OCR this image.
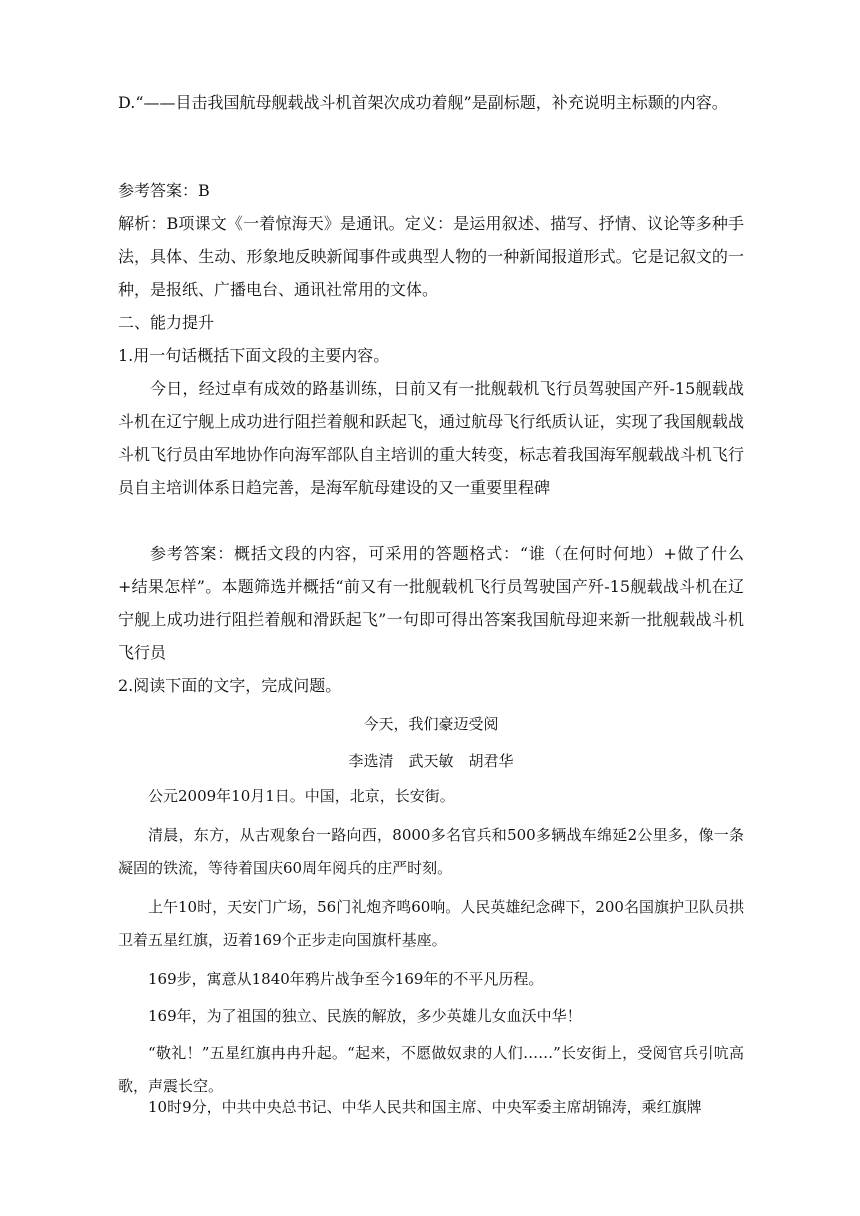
D.“——目击我国航母舰载战斗机首架次成功着舰”是副标题，补充说明主标颞的内容。

参考答案：B

解析：B项课文《一着惊海天》是通讯。定义：是运用叙述、描写、抒情、议论等多种手法，具体、生动、形象地反映新闻事件或典型人物的一种新闻报道形式。它是记叙文的一种，是报纸、广播电台、通讯社常用的文体。

二、能力提升

1.用一句话概括下面文段的主要内容。

今日，经过卓有成效的路基训练，日前又有一批舰载机飞行员驾驶国产歼-15舰载战斗机在辽宁舰上成功进行阻拦着舰和跃起飞，通过航母飞行纸质认证，实现了我国舰载战斗机飞行员由军地协作向海军部队自主培训的重大转变，标志着我国海军舰载战斗机飞行员自主培训体系日趋完善，是海军航母建设的又一重要里程碑

参考答案：概括文段的内容，可采用的答题格式：“谁（在何时何地）+做了什么+结果怎样”。本题筛选并概括“前又有一批舰载机飞行员驾驶国产歼-15舰载战斗机在辽宁舰上成功进行阻拦着舰和滑跃起飞”一句即可得出答案我国航母迎来新一批舰载战斗机飞行员

2.阅读下面的文字，完成问题。

今天，我们豪迈受阅

李选清　武天敏　胡君华

公元2009年10月1日。中国，北京，长安街。

清晨，东方，从古观象台一路向西，8000多名官兵和500多辆战车绵延2公里多，像一条凝固的铁流，等待着国庆60周年阅兵的庄严时刻。

上午10时，天安门广场，56门礼炮齐鸣60响。人民英雄纪念碑下，200名国旗护卫队员拱卫着五星红旗，迈着169个正步走向国旗杆基座。

169步，寓意从1840年鸦片战争至今169年的不平凡历程。

169年，为了祖国的独立、民族的解放，多少英雄儿女血沃中华！

“敬礼！”五星红旗冉冉升起。“起来，不愿做奴隶的人们……”长安街上，受阅官兵引吭高歌，声震长空。

10时9分，中共中央总书记、中华人民共和国主席、中央军委主席胡锦涛，乘红旗牌
